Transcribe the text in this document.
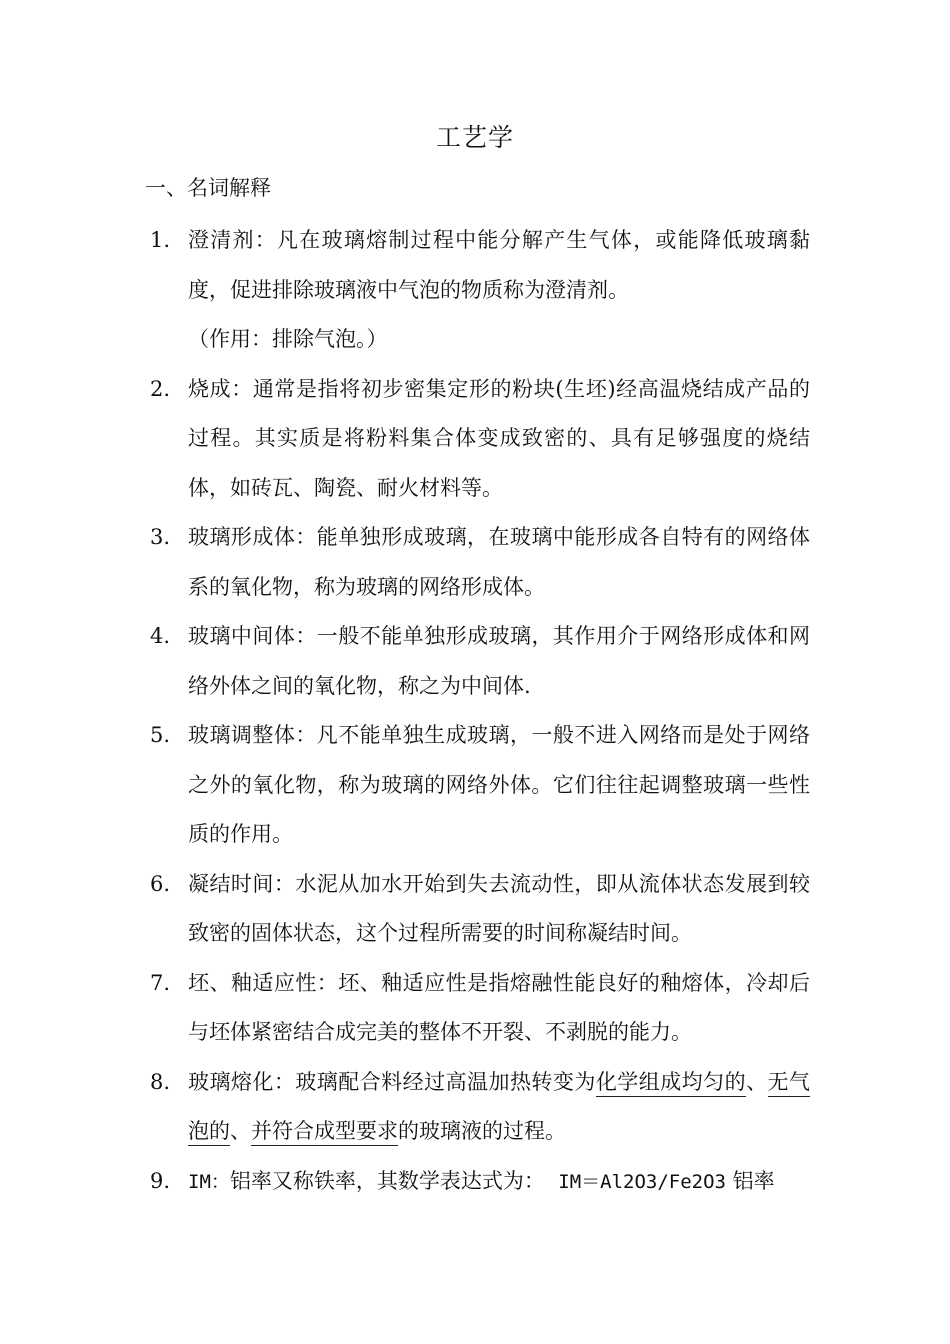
工艺学
一、名词解释
1. 澄清剂：凡在玻璃熔制过程中能分解产生气体，或能降低玻璃黏度，促进排除玻璃液中气泡的物质称为澄清剂。
（作用：排除气泡。）
2. 烧成：通常是指将初步密集定形的粉块(生坯)经高温烧结成产品的过程。其实质是将粉料集合体变成致密的、具有足够强度的烧结体，如砖瓦、陶瓷、耐火材料等。
3. 玻璃形成体：能单独形成玻璃，在玻璃中能形成各自特有的网络体系的氧化物，称为玻璃的网络形成体。
4. 玻璃中间体：一般不能单独形成玻璃，其作用介于网络形成体和网络外体之间的氧化物，称之为中间体.
5. 玻璃调整体：凡不能单独生成玻璃，一般不进入网络而是处于网络之外的氧化物，称为玻璃的网络外体。它们往往起调整玻璃一些性质的作用。
6. 凝结时间：水泥从加水开始到失去流动性，即从流体状态发展到较致密的固体状态，这个过程所需要的时间称凝结时间。
7. 坯、釉适应性：坯、釉适应性是指熔融性能良好的釉熔体，冷却后与坯体紧密结合成完美的整体不开裂、不剥脱的能力。
8. 玻璃熔化：玻璃配合料经过高温加热转变为化学组成均匀的、无气泡的、并符合成型要求的玻璃液的过程。
9. IM：铝率又称铁率，其数学表达式为： IM＝Al2O3/Fe2O3 铝率
